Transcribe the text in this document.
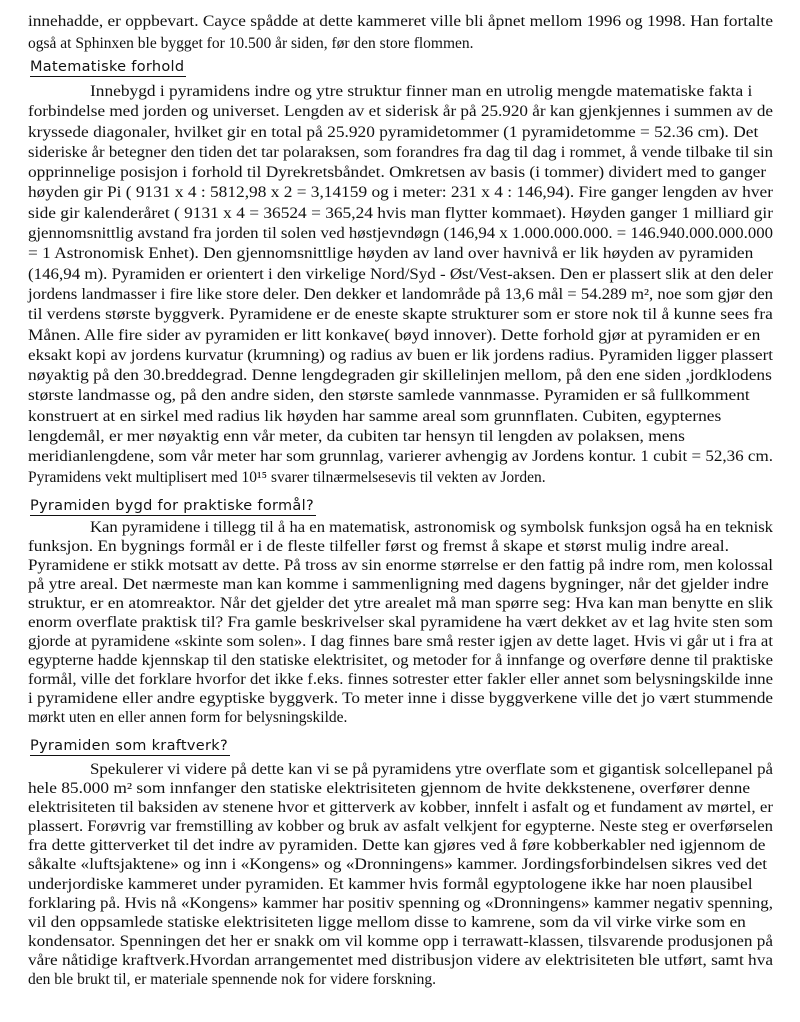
innehadde, er oppbevart. Cayce spådde at dette kammeret ville bli åpnet mellom 1996 og 1998. Han fortalte
også at Sphinxen ble bygget for 10.500 år siden, før den store flommen.
Matematiske forhold
Innebygd i pyramidens indre og ytre struktur finner man en utrolig mengde matematiske fakta i
forbindelse med jorden og universet. Lengden av et siderisk år på 25.920 år kan gjenkjennes i summen av de
kryssede diagonaler, hvilket gir en total på 25.920 pyramidetommer (1 pyramidetomme = 52.36 cm). Det
sideriske år betegner den tiden det tar polaraksen, som forandres fra dag til dag i rommet, å vende tilbake til sin
opprinnelige posisjon i forhold til Dyrekretsbåndet. Omkretsen av basis (i tommer) dividert med to ganger
høyden gir Pi ( 9131 x 4 : 5812,98 x 2 = 3,14159 og i meter: 231 x 4 : 146,94). Fire ganger lengden av hver
side gir kalenderåret ( 9131 x 4 = 36524 = 365,24 hvis man flytter kommaet). Høyden ganger 1 milliard gir
gjennomsnittlig avstand fra jorden til solen ved høstjevndøgn (146,94 x 1.000.000.000. = 146.940.000.000.000
= 1 Astronomisk Enhet). Den gjennomsnittlige høyden av land over havnivå er lik høyden av pyramiden
(146,94 m). Pyramiden er orientert i den virkelige Nord/Syd - Øst/Vest-aksen. Den er plassert slik at den deler
jordens landmasser i fire like store deler. Den dekker et landområde på 13,6 mål = 54.289 m², noe som gjør den
til verdens største byggverk. Pyramidene er de eneste skapte strukturer som er store nok til å kunne sees fra
Månen. Alle fire sider av pyramiden er litt konkave( bøyd innover). Dette forhold gjør at pyramiden er en
eksakt kopi av jordens kurvatur (krumning) og radius av buen er lik jordens radius. Pyramiden ligger plassert
nøyaktig på den 30.breddegrad. Denne lengdegraden gir skillelinjen mellom, på den ene siden ,jordklodens
største landmasse og, på den andre siden, den største samlede vannmasse. Pyramiden er så fullkomment
konstruert at en sirkel med radius lik høyden har samme areal som grunnflaten. Cubiten, egypternes
lengdemål, er mer nøyaktig enn vår meter, da cubiten tar hensyn til lengden av polaksen, mens
meridianlengdene, som vår meter har som grunnlag, varierer avhengig av Jordens kontur. 1 cubit = 52,36 cm.
Pyramidens vekt multiplisert med 10¹⁵ svarer tilnærmelsesevis til vekten av Jorden.
Pyramiden bygd for praktiske formål?
Kan pyramidene i tillegg til å ha en matematisk, astronomisk og symbolsk funksjon også ha en teknisk
funksjon. En bygnings formål er i de fleste tilfeller først og fremst å skape et størst mulig indre areal.
Pyramidene er stikk motsatt av dette. På tross av sin enorme størrelse er den fattig på indre rom, men kolossal
på ytre areal. Det nærmeste man kan komme i sammenligning med dagens bygninger, når det gjelder indre
struktur, er en atomreaktor. Når det gjelder det ytre arealet må man spørre seg: Hva kan man benytte en slik
enorm overflate praktisk til? Fra gamle beskrivelser skal pyramidene ha vært dekket av et lag hvite sten som
gjorde at pyramidene «skinte som solen». I dag finnes bare små rester igjen av dette laget. Hvis vi går ut i fra at
egypterne hadde kjennskap til den statiske elektrisitet, og metoder for å innfange og overføre denne til praktiske
formål, ville det forklare hvorfor det ikke f.eks. finnes sotrester etter fakler eller annet som belysningskilde inne
i pyramidene eller andre egyptiske byggverk. To meter inne i disse byggverkene ville det jo vært stummende
mørkt uten en eller annen form for belysningskilde.
Pyramiden som kraftverk?
Spekulerer vi videre på dette kan vi se på pyramidens ytre overflate som et gigantisk solcellepanel på
hele 85.000 m² som innfanger den statiske elektrisiteten gjennom de hvite dekkstenene, overfører denne
elektrisiteten til baksiden av stenene hvor et gitterverk av kobber, innfelt i asfalt og et fundament av mørtel, er
plassert. Forøvrig var fremstilling av kobber og bruk av asfalt velkjent for egypterne. Neste steg er overførselen
fra dette gitterverket til det indre av pyramiden. Dette kan gjøres ved å føre kobberkabler ned igjennom de
såkalte «luftsjaktene» og inn i «Kongens» og «Dronningens» kammer. Jordingsforbindelsen sikres ved det
underjordiske kammeret under pyramiden. Et kammer hvis formål egyptologene ikke har noen plausibel
forklaring på. Hvis nå «Kongens» kammer har positiv spenning og «Dronningens» kammer negativ spenning,
vil den oppsamlede statiske elektrisiteten ligge mellom disse to kamrene, som da vil virke virke som en
kondensator. Spenningen det her er snakk om vil komme opp i terrawatt-klassen, tilsvarende produsjonen på
våre nåtidige kraftverk.Hvordan arrangementet med distribusjon videre av elektrisiteten ble utført, samt hva
den ble brukt til, er materiale spennende nok for videre forskning.
